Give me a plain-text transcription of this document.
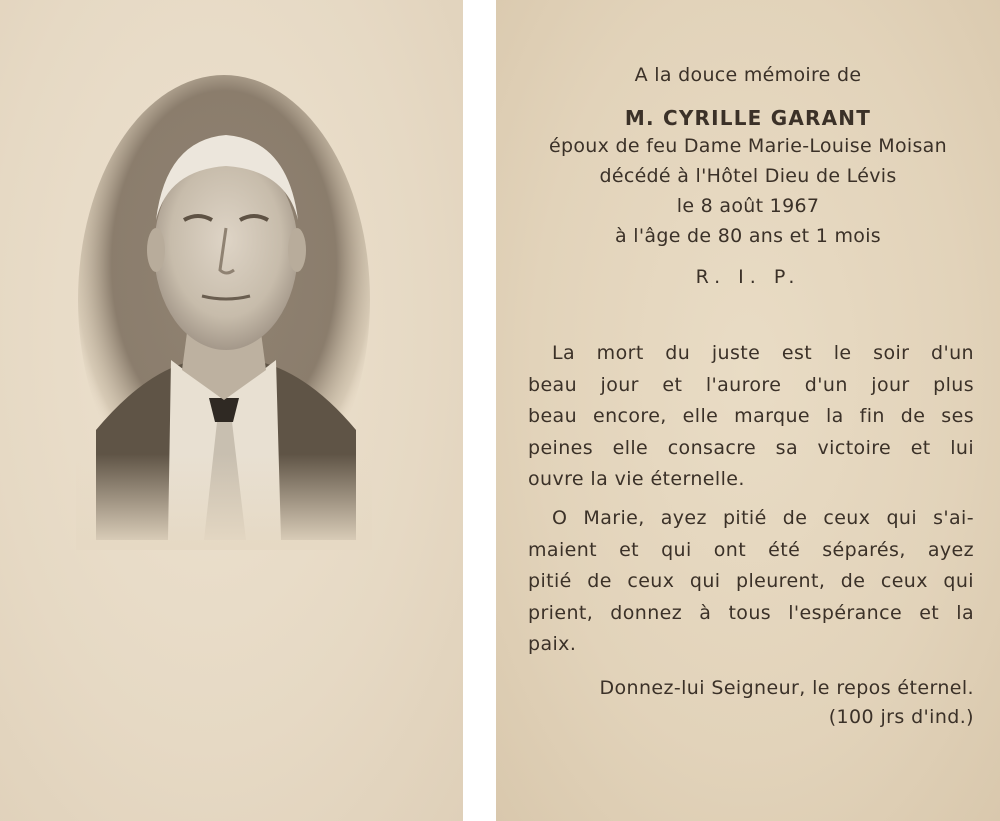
A la douce mémoire de
M. CYRILLE GARANT
époux de feu Dame Marie-Louise Moisan
décédé à l'Hôtel Dieu de Lévis
le 8 août 1967
à l'âge de 80 ans et 1 mois
R. I. P.
La mort du juste est le soir d'un
beau jour et l'aurore d'un jour plus
beau encore, elle marque la fin de ses
peines elle consacre sa victoire et lui
ouvre la vie éternelle.
O Marie, ayez pitié de ceux qui s'ai-
maient et qui ont été séparés, ayez
pitié de ceux qui pleurent, de ceux qui
prient, donnez à tous l'espérance et la
paix.
Donnez-lui Seigneur, le repos éternel.
(100 jrs d'ind.)
